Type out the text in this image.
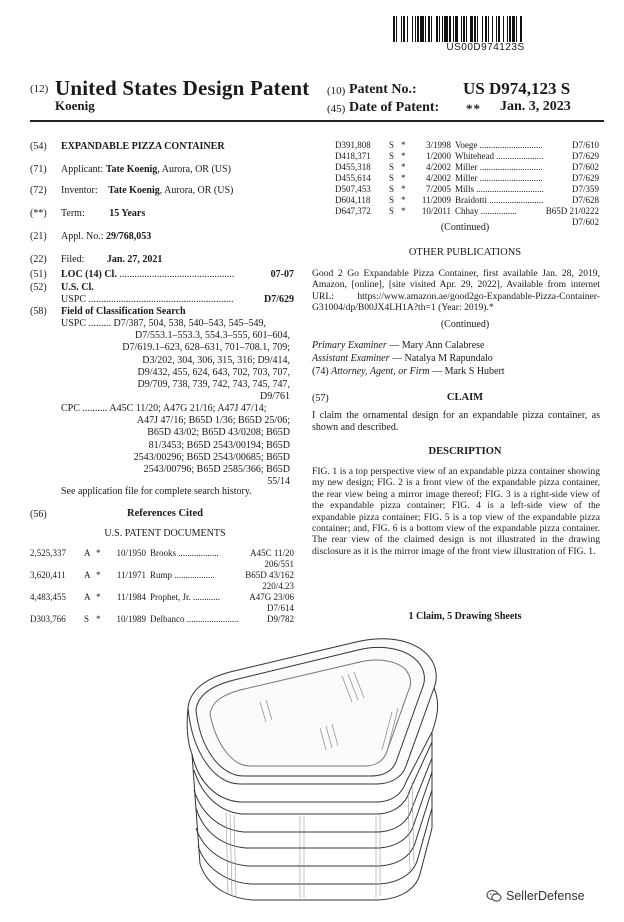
US00D974123S
(12) United States Design Patent
Koenig
(10) Patent No.:	US D974,123 S
(45) Date of Patent: ** Jan. 3, 2023
(54)	EXPANDABLE PIZZA CONTAINER
(71)	Applicant: Tate Koenig, Aurora, OR (US)
(72)	Inventor: Tate Koenig, Aurora, OR (US)
(**)	Term: 15 Years
(21)	Appl. No.: 29/768,053
(22)	Filed: Jan. 27, 2021
(51)	LOC (14) Cl. ..............................................	07-07
(52)	U.S. Cl.
USPC ..........................................................	D7/629
(58)	Field of Classification Search
USPC ......... D7/387, 504, 538, 540–543, 545–549,
D7/553.1–553.3, 554.3–555, 601–604,
D7/619.1–623, 628–631, 701–708.1, 709;
D3/202, 304, 306, 315, 316; D9/414,
D9/432, 455, 624, 643, 702, 703, 707,
D9/709, 738, 739, 742, 743, 745, 747,
D9/761
CPC .......... A45C 11/20; A47G 21/16; A47J 47/14;
A47J 47/16; B65D 1/36; B65D 25/06;
B65D 43/02; B65D 43/0208; B65D
81/3453; B65D 2543/00194; B65D
2543/00296; B65D 2543/00685; B65D
2543/00796; B65D 2585/366; B65D
55/14
See application file for complete search history.
(56)	References Cited
U.S. PATENT DOCUMENTS
2,525,337	A	*	10/1950	Brooks ..................	A45C 11/20
206/551					
3,620,411	A	*	11/1971	Rump ..................	B65D 43/162
220/4.23					
4,483,455	A	*	11/1984	Prophet, Jr. ............	A47G 23/06
D7/614					
D303,766	S	*	10/1989	Delbanco .......................	D9/782
D391,808	S	*	3/1998	Voege ............................	D7/610
D418,371	S	*	1/2000	Whitehead .....................	D7/629
D455,318	S	*	4/2002	Miller ............................	D7/602
D455,614	S	*	4/2002	Miller ............................	D7/629
D507,453	S	*	7/2005	Mills ..............................	D7/359
D604,118	S	*	11/2009	Braidotti ........................	D7/628
D647,372	S	*	10/2011	Chhay ................	B65D 21/0222
D7/602					
(Continued)
OTHER PUBLICATIONS
Good 2 Go Expandable Pizza Container, first available Jan. 28, 2019, Amazon, [online], [site visited Apr. 29, 2022], Available from internet URL: https://www.amazon.ae/good2go-Expandable-Pizza-Container-G31004/dp/B00JX4LH1A?th=1 (Year: 2019).*
(Continued)
Primary Examiner — Mary Ann Calabrese
Assistant Examiner — Natalya M Rapundalo
(74) Attorney, Agent, or Firm — Mark S Hubert
(57)	CLAIM
I claim the ornamental design for an expandable pizza container, as shown and described.
DESCRIPTION
FIG. 1 is a top perspective view of an expandable pizza container showing my new design; FIG. 2 is a front view of the expandable pizza container, the rear view being a mirror image thereof; FIG. 3 is a right-side view of the expandable pizza container; FIG. 4 is a left-side view of the expandable pizza container; FIG. 5 is a top view of the expandable pizza container; and, FIG. 6 is a bottom view of the expandable pizza container. The rear view of the claimed design is not illustrated in the drawing disclosure as it is the mirror image of the front view illustration of FIG. 1.
1 Claim, 5 Drawing Sheets
SellerDefense
